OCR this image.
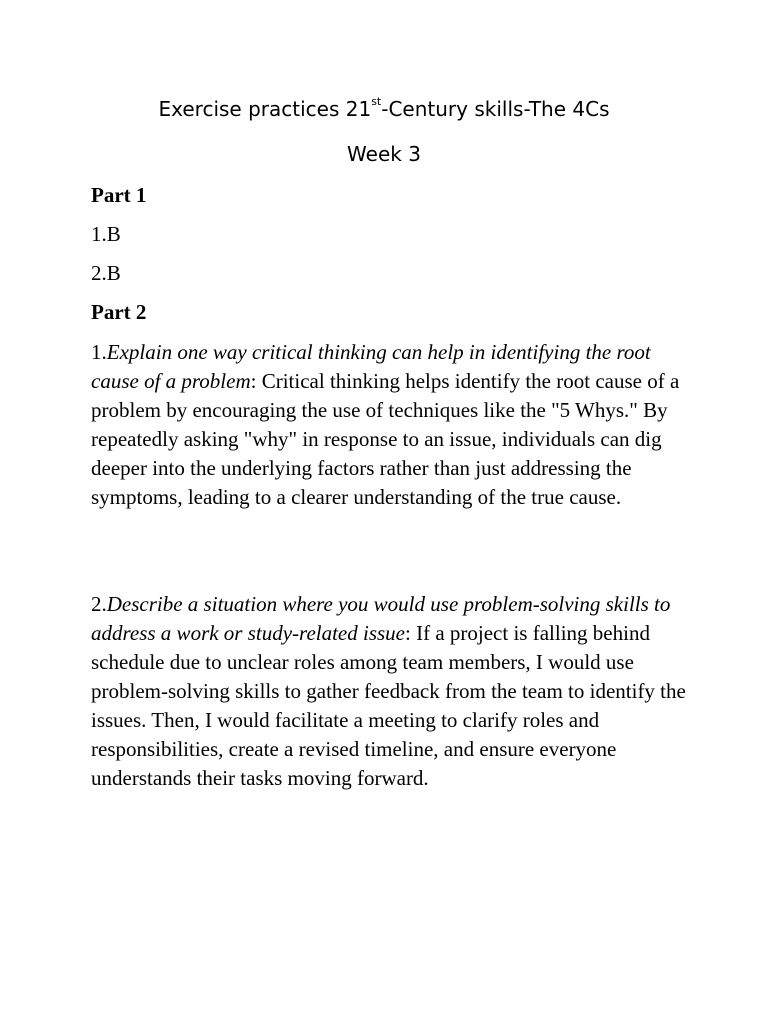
Exercise practices 21st-Century skills-The 4Cs

Week 3

Part 1

1.B

2.B

Part 2

1.Explain one way critical thinking can help in identifying the root cause of a problem: Critical thinking helps identify the root cause of a problem by encouraging the use of techniques like the "5 Whys." By repeatedly asking "why" in response to an issue, individuals can dig deeper into the underlying factors rather than just addressing the symptoms, leading to a clearer understanding of the true cause.

2.Describe a situation where you would use problem-solving skills to address a work or study-related issue: If a project is falling behind schedule due to unclear roles among team members, I would use problem-solving skills to gather feedback from the team to identify the issues. Then, I would facilitate a meeting to clarify roles and responsibilities, create a revised timeline, and ensure everyone understands their tasks moving forward.
